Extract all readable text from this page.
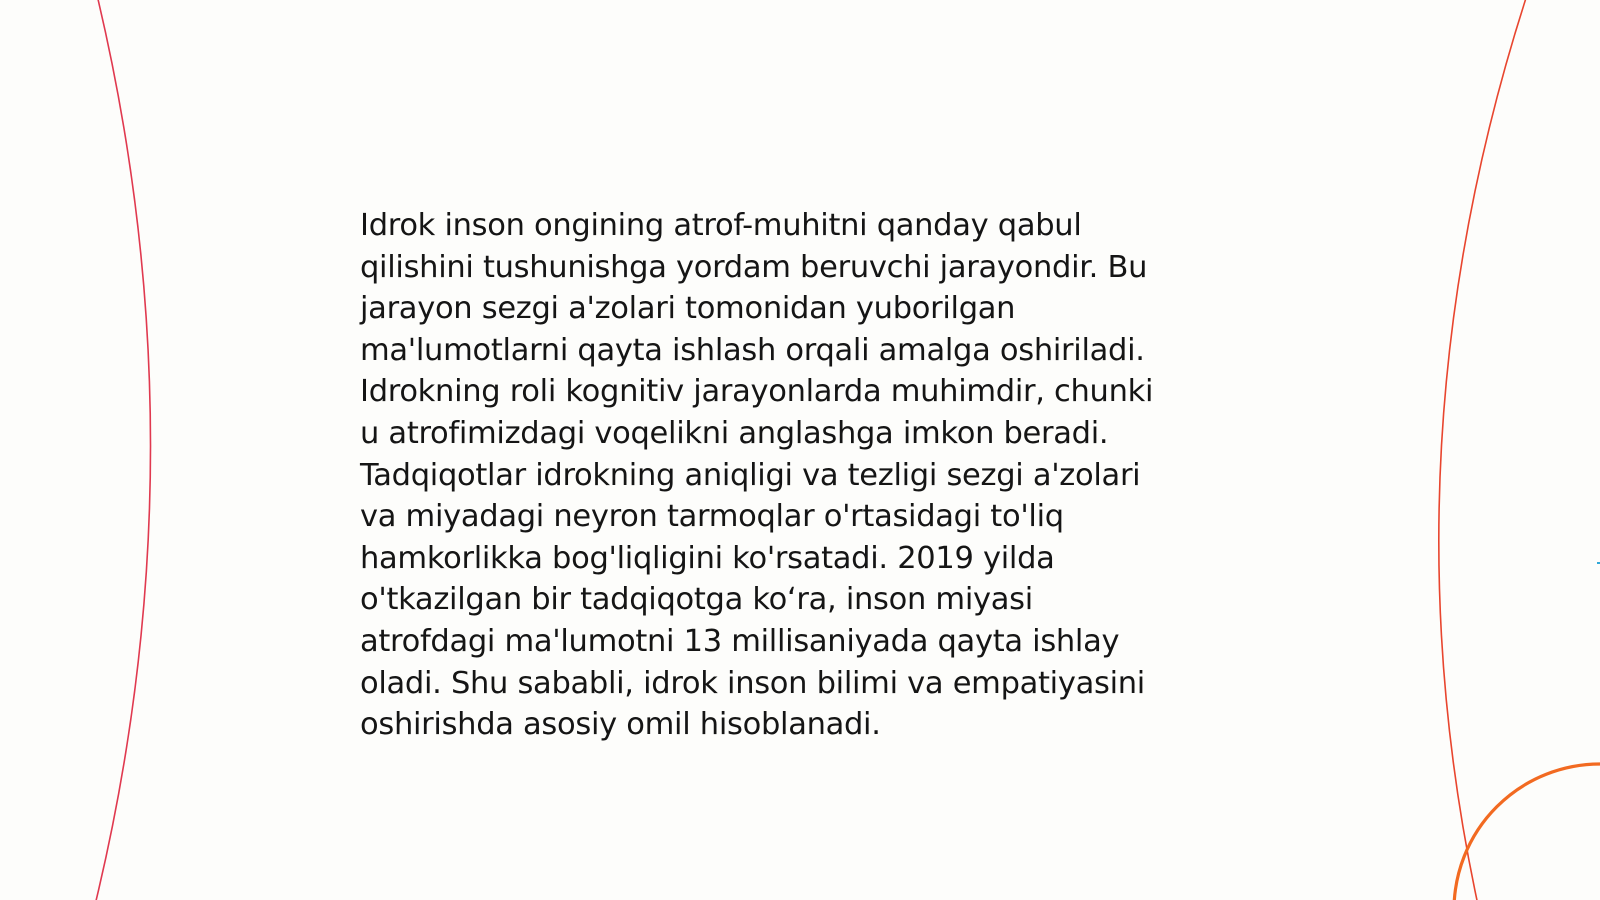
Idrok inson ongining atrof-muhitni qanday qabul
qilishini tushunishga yordam beruvchi jarayondir. Bu
jarayon sezgi a'zolari tomonidan yuborilgan
ma'lumotlarni qayta ishlash orqali amalga oshiriladi.
Idrokning roli kognitiv jarayonlarda muhimdir, chunki
u atrofimizdagi voqelikni anglashga imkon beradi.
Tadqiqotlar idrokning aniqligi va tezligi sezgi a'zolari
va miyadagi neyron tarmoqlar o'rtasidagi to'liq
hamkorlikka bog'liqligini ko'rsatadi. 2019 yilda
o'tkazilgan bir tadqiqotga ko‘ra, inson miyasi
atrofdagi ma'lumotni 13 millisaniyada qayta ishlay
oladi. Shu sababli, idrok inson bilimi va empatiyasini
oshirishda asosiy omil hisoblanadi.
